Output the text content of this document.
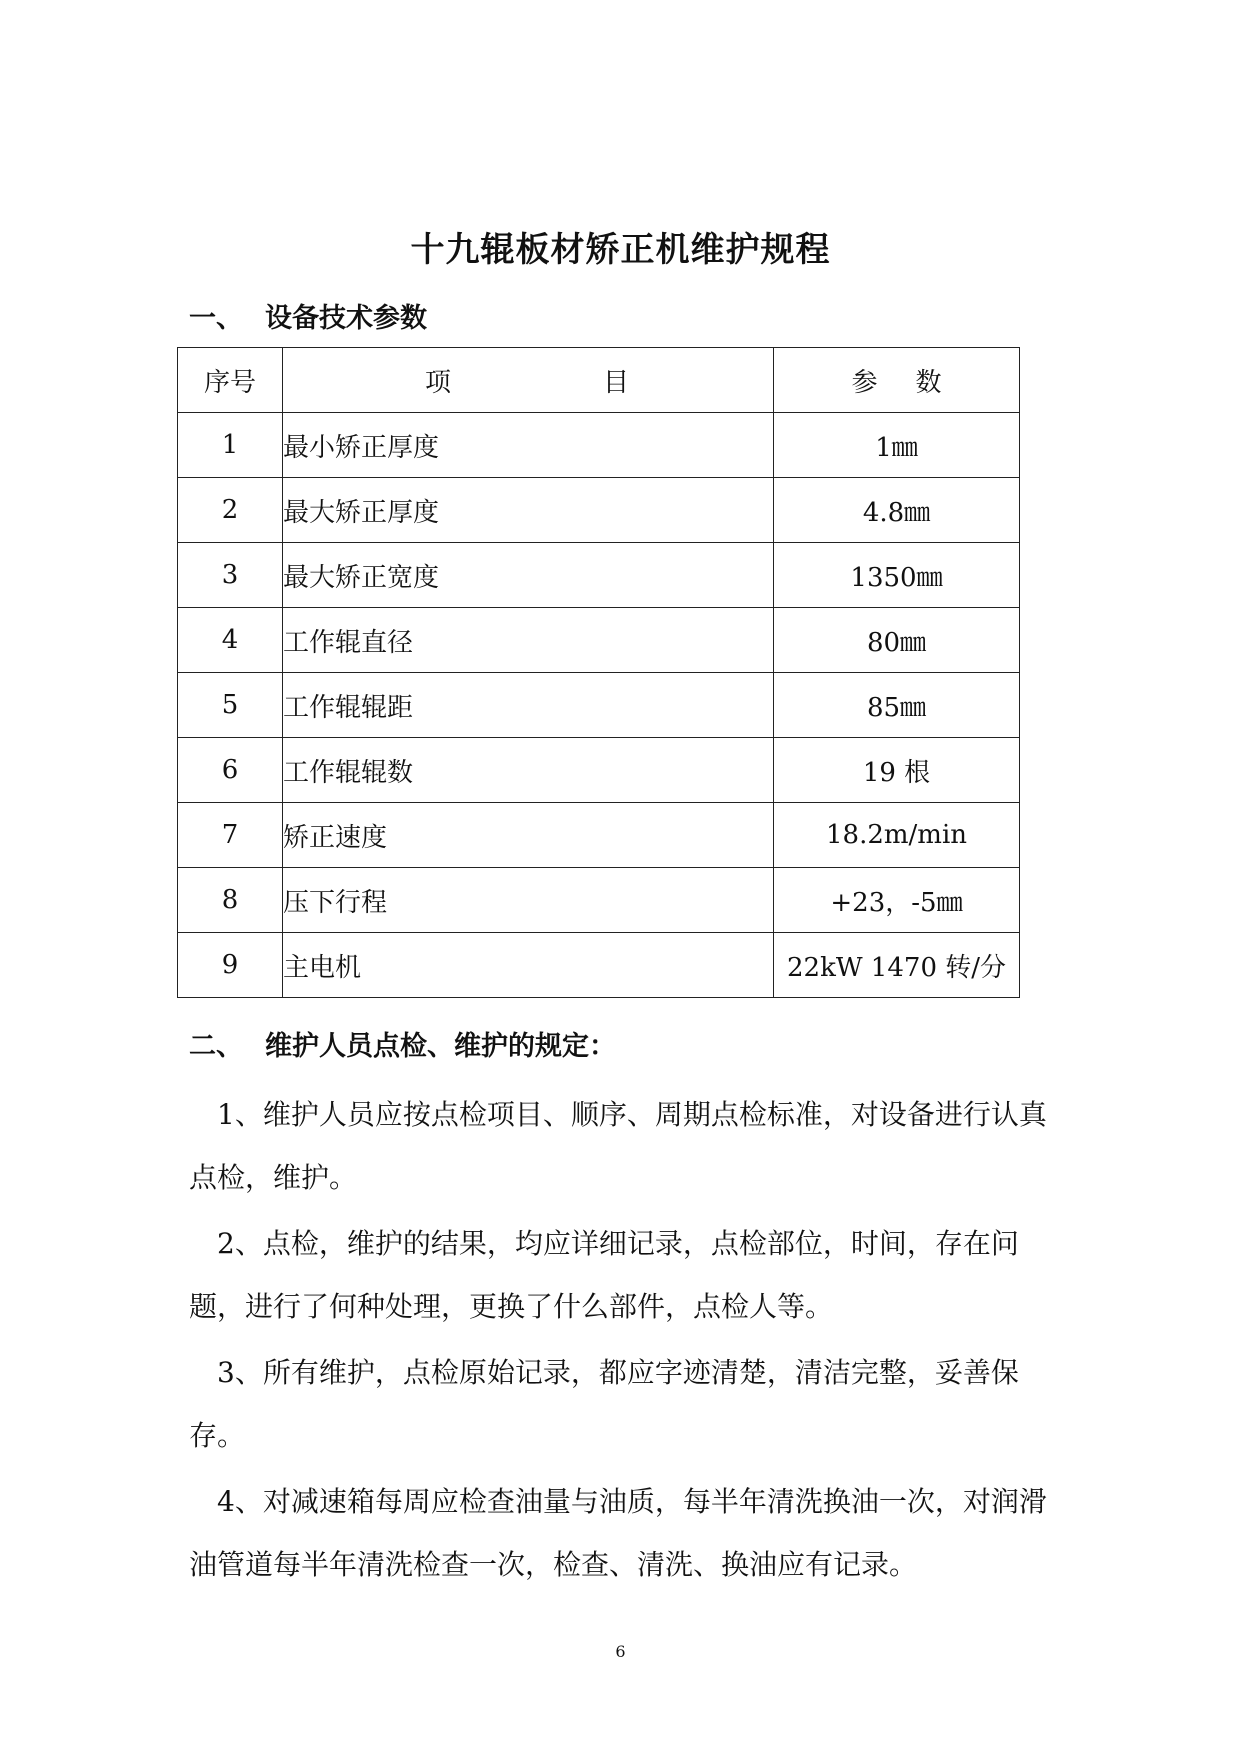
十九辊板材矫正机维护规程
一、 设备技术参数
序号	项 目	参数
1	最小矫正厚度	1㎜
2	最大矫正厚度	4.8㎜
3	最大矫正宽度	1350㎜
4	工作辊直径	80㎜
5	工作辊辊距	85㎜
6	工作辊辊数	19 根
7	矫正速度	18.2m/min
8	压下行程	+23，-5㎜
9	主电机	22kW 1470 转/分
二、 维护人员点检、维护的规定：
1、维护人员应按点检项目、顺序、周期点检标准，对设备进行认真点检，维护。
2、点检，维护的结果，均应详细记录，点检部位，时间，存在问题，进行了何种处理，更换了什么部件，点检人等。
3、所有维护，点检原始记录，都应字迹清楚，清洁完整，妥善保存。
4、对减速箱每周应检查油量与油质，每半年清洗换油一次，对润滑油管道每半年清洗检查一次，检查、清洗、换油应有记录。
6
